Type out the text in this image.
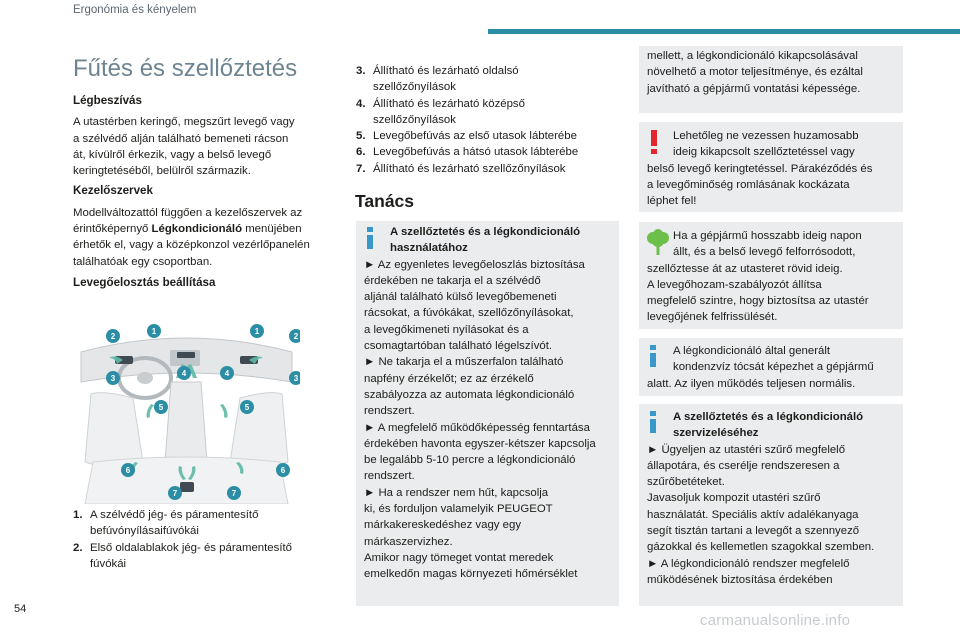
Ergonómia és kényelem
Fűtés és szellőztetés

Légbeszívás

A utastérben keringő, megszűrt levegő vagy

a szélvédő alján található bemeneti rácson

át, kívülről érkezik, vagy a belső levegő

keringtetéséből, belülről származik.

Kezelőszervek

Modellváltozattól függően a kezelőszervek az

érintőképernyő Légkondicionáló menüjében

érhetők el, vagy a középkonzol vezérlőpanelén

találhatóak egy csoportban.

Levegőelosztás beállítása

1	1
2	2
3	3
4	4
5	5
6	6
7	7
1. A szélvédő jég- és páramentesítő

befúvónyílásaifúvókái

2. Első oldalablakok jég- és páramentesítő

fúvókái

3. Állítható és lezárható oldalsó

szellőzőnyílások

4. Állítható és lezárható középső

szellőzőnyílások

5. Levegőbefúvás az első utasok lábterébe

6. Levegőbefúvás a hátsó utasok lábterébe

7. Állítható és lezárható szellőzőnyílások

Tanács

A szellőztetés és a légkondicionáló

használatához

► Az egyenletes levegőeloszlás biztosítása

érdekében ne takarja el a szélvédő

aljánál található külső levegőbemeneti

rácsokat, a fúvókákat, szellőzőnyílásokat,

a levegőkimeneti nyílásokat és a

csomagtartóban található légelszívót.

► Ne takarja el a műszerfalon található

napfény érzékelőt; ez az érzékelő

szabályozza az automata légkondicionáló

rendszert.

► A megfelelő működőképesség fenntartása

érdekében havonta egyszer-kétszer kapcsolja

be legalább 5-10 percre a légkondicionáló

rendszert.

► Ha a rendszer nem hűt, kapcsolja

ki, és forduljon valamelyik PEUGEOT

márkakereskedéshez vagy egy

márkaszervizhez.

Amikor nagy tömeget vontat meredek

emelkedőn magas környezeti hőmérséklet

mellett, a légkondicionáló kikapcsolásával

növelhető a motor teljesítménye, és ezáltal

javítható a gépjármű vontatási képessége.

Lehetőleg ne vezessen huzamosabb

ideig kikapcsolt szellőztetéssel vagy

belső levegő keringtetéssel. Párakéződés és

a levegőminőség romlásának kockázata

léphet fel!

Ha a gépjármű hosszabb ideig napon

állt, és a belső levegő felforrósodott,

szellőztesse át az utasteret rövid ideig.

A levegőhozam-szabályozót állítsa

megfelelő szintre, hogy biztosítsa az utastér

levegőjének felfrissülését.

A légkondicionáló által generált

kondenzvíz tócsát képezhet a gépjármű

alatt. Az ilyen működés teljesen normális.

A szellőztetés és a légkondicionáló

szervizeléséhez

► Ügyeljen az utastéri szűrő megfelelő

állapotára, és cserélje rendszeresen a

szűrőbetéteket.

Javasoljuk kompozit utastéri szűrő

használatát. Speciális aktív adalékanyaga

segít tisztán tartani a levegőt a szennyező

gázokkal és kellemetlen szagokkal szemben.

► A légkondicionáló rendszer megfelelő

működésének biztosítása érdekében

54
carmanualsonline.info
